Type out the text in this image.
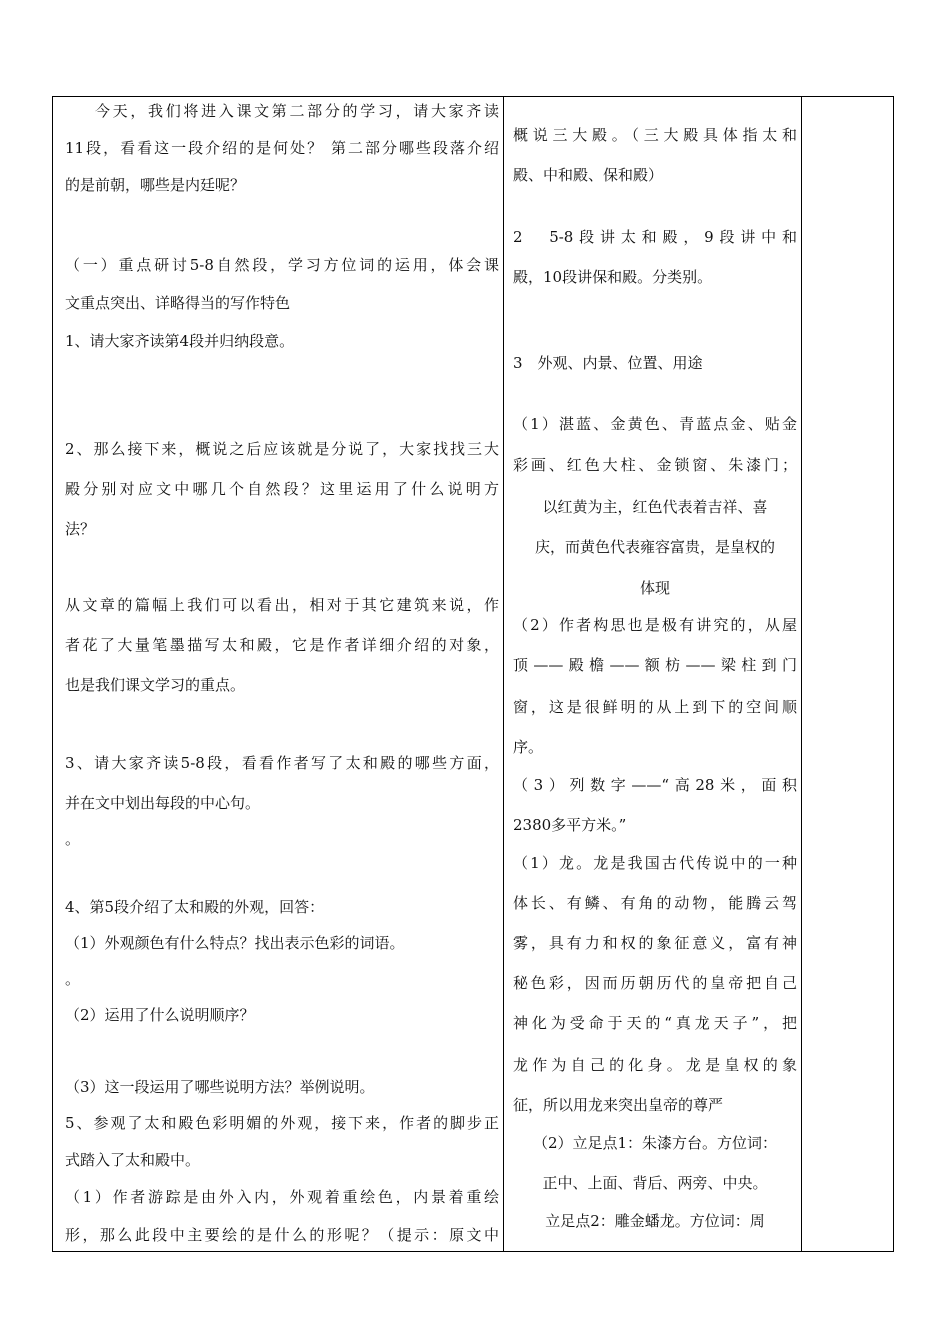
今天，我们将进入课文第二部分的学习，请大家齐读
11段，看看这一段介绍的是何处？ 第二部分哪些段落介绍
的是前朝，哪些是内廷呢？
（一）重点研讨5-8自然段，学习方位词的运用，体会课
文重点突出、详略得当的写作特色
1、请大家齐读第4段并归纳段意。
2、那么接下来，概说之后应该就是分说了，大家找找三大
殿分别对应文中哪几个自然段？这里运用了什么说明方
法？
从文章的篇幅上我们可以看出，相对于其它建筑来说，作
者花了大量笔墨描写太和殿，它是作者详细介绍的对象，
也是我们课文学习的重点。
3、请大家齐读5-8段，看看作者写了太和殿的哪些方面，
并在文中划出每段的中心句。
。
4、第5段介绍了太和殿的外观，回答：
（1）外观颜色有什么特点？找出表示色彩的词语。
。
（2）运用了什么说明顺序？
（3）这一段运用了哪些说明方法？举例说明。
5、参观了太和殿色彩明媚的外观，接下来，作者的脚步正
式踏入了太和殿中。
（1）作者游踪是由外入内，外观着重绘色，内景着重绘
形，那么此段中主要绘的是什么的形呢？（提示：原文中
概说三大殿。（三大殿具体指太和
殿、中和殿、保和殿）
2　5-8段讲太和殿，9段讲中和
殿，10段讲保和殿。分类别。
3　外观、内景、位置、用途
（1）湛蓝、金黄色、青蓝点金、贴金
彩画、红色大柱、金锁窗、朱漆门；
以红黄为主，红色代表着吉祥、喜
庆，而黄色代表雍容富贵，是皇权的
体现
（2）作者构思也是极有讲究的，从屋
顶——殿檐——额枋——梁柱到门
窗，这是很鲜明的从上到下的空间顺
序。
（3）列数字——“高28米，面积
2380多平方米。”
（1）龙。龙是我国古代传说中的一种
体长、有鳞、有角的动物，能腾云驾
雾，具有力和权的象征意义，富有神
秘色彩，因而历朝历代的皇帝把自己
神化为受命于天的“真龙天子”，把
龙作为自己的化身。龙是皇权的象
征，所以用龙来突出皇帝的尊严
（2）立足点1：朱漆方台。方位词：
正中、上面、背后、两旁、中央。
立足点2：雕金蟠龙。方位词：周
